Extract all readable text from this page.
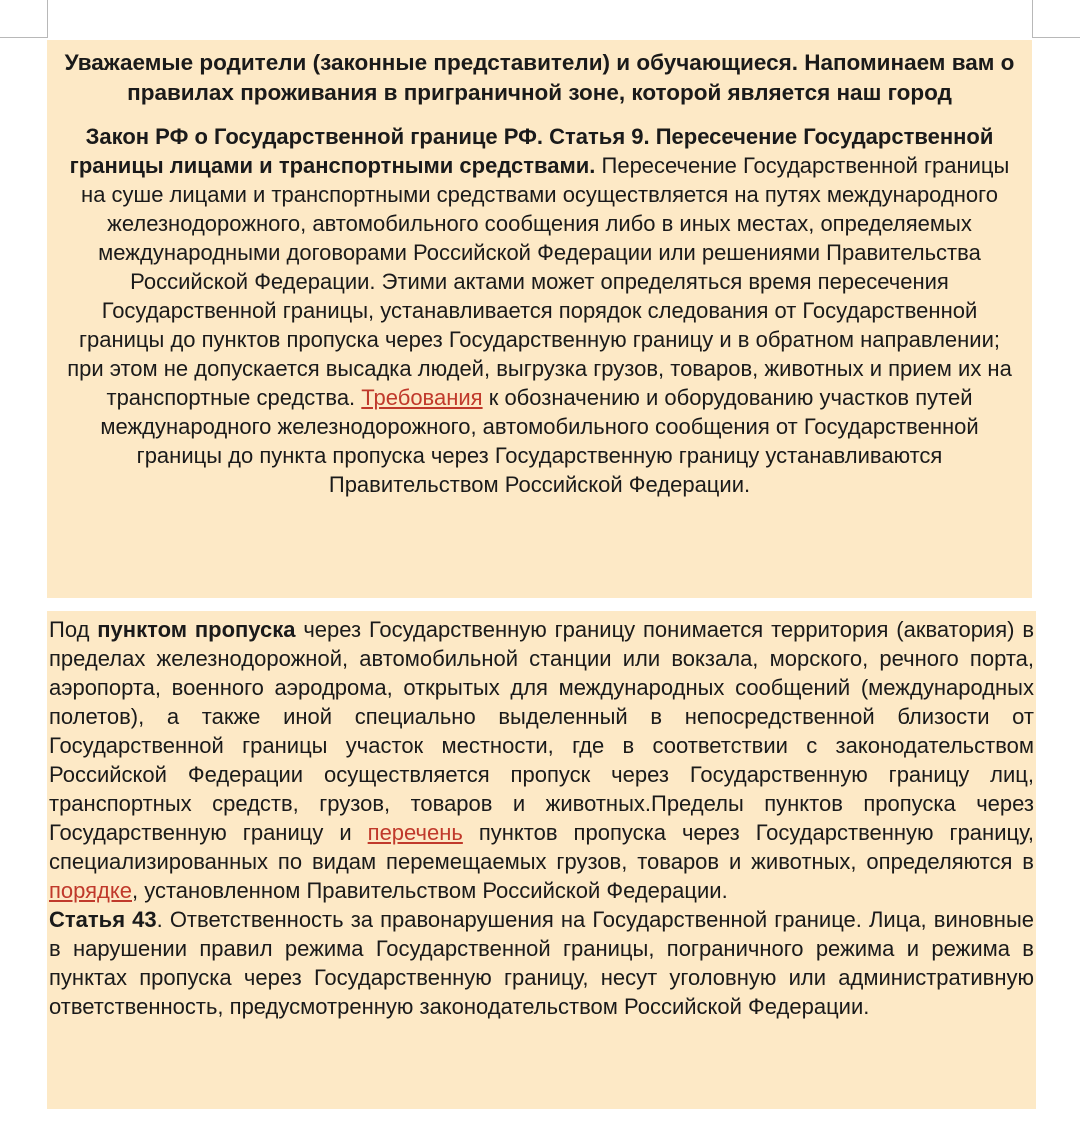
Уважаемые родители (законные представители) и обучающиеся. Напоминаем вам о правилах проживания в приграничной зоне, которой является наш город

Закон РФ о Государственной границе РФ. Статья 9. Пересечение Государственной границы лицами и транспортными средствами. Пересечение Государственной границы на суше лицами и транспортными средствами осуществляется на путях международного железнодорожного, автомобильного сообщения либо в иных местах, определяемых международными договорами Российской Федерации или решениями Правительства Российской Федерации. Этими актами может определяться время пересечения Государственной границы, устанавливается порядок следования от Государственной границы до пунктов пропуска через Государственную границу и в обратном направлении; при этом не допускается высадка людей, выгрузка грузов, товаров, животных и прием их на транспортные средства. Требования к обозначению и оборудованию участков путей международного железнодорожного, автомобильного сообщения от Государственной границы до пункта пропуска через Государственную границу устанавливаются Правительством Российской Федерации.

Под пунктом пропуска через Государственную границу понимается территория (акватория) в пределах железнодорожной, автомобильной станции или вокзала, морского, речного порта, аэропорта, военного аэродрома, открытых для международных сообщений (международных полетов), а также иной специально выделенный в непосредственной близости от Государственной границы участок местности, где в соответствии с законодательством Российской Федерации осуществляется пропуск через Государственную границу лиц, транспортных средств, грузов, товаров и животных.Пределы пунктов пропуска через Государственную границу и перечень пунктов пропуска через Государственную границу, специализированных по видам перемещаемых грузов, товаров и животных, определяются в порядке, установленном Правительством Российской Федерации.

Статья 43. Ответственность за правонарушения на Государственной границе. Лица, виновные в нарушении правил режима Государственной границы, пограничного режима и режима в пунктах пропуска через Государственную границу, несут уголовную или административную ответственность, предусмотренную законодательством Российской Федерации.
